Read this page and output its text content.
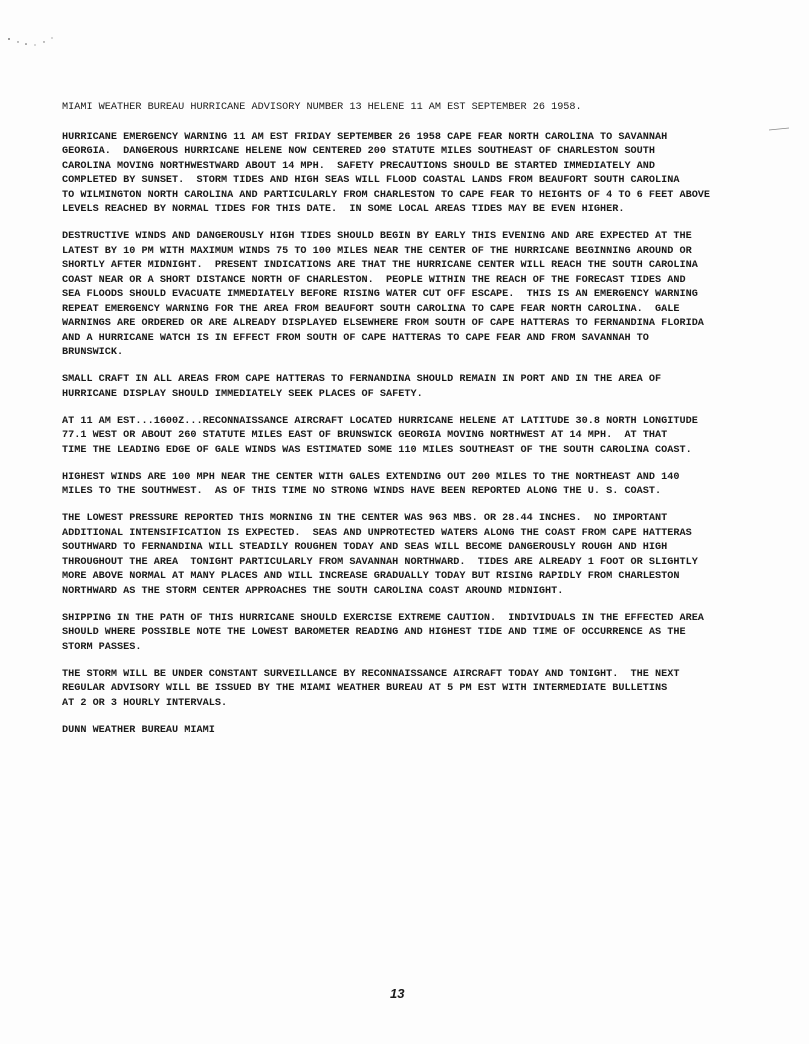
MIAMI WEATHER BUREAU HURRICANE ADVISORY NUMBER 13 HELENE 11 AM EST SEPTEMBER 26 1958.
HURRICANE EMERGENCY WARNING 11 AM EST FRIDAY SEPTEMBER 26 1958 CAPE FEAR NORTH CAROLINA TO SAVANNAH
GEORGIA.  DANGEROUS HURRICANE HELENE NOW CENTERED 200 STATUTE MILES SOUTHEAST OF CHARLESTON SOUTH
CAROLINA MOVING NORTHWESTWARD ABOUT 14 MPH.  SAFETY PRECAUTIONS SHOULD BE STARTED IMMEDIATELY AND
COMPLETED BY SUNSET.  STORM TIDES AND HIGH SEAS WILL FLOOD COASTAL LANDS FROM BEAUFORT SOUTH CAROLINA
TO WILMINGTON NORTH CAROLINA AND PARTICULARLY FROM CHARLESTON TO CAPE FEAR TO HEIGHTS OF 4 TO 6 FEET ABOVE
LEVELS REACHED BY NORMAL TIDES FOR THIS DATE.  IN SOME LOCAL AREAS TIDES MAY BE EVEN HIGHER.
DESTRUCTIVE WINDS AND DANGEROUSLY HIGH TIDES SHOULD BEGIN BY EARLY THIS EVENING AND ARE EXPECTED AT THE
LATEST BY 10 PM WITH MAXIMUM WINDS 75 TO 100 MILES NEAR THE CENTER OF THE HURRICANE BEGINNING AROUND OR
SHORTLY AFTER MIDNIGHT.  PRESENT INDICATIONS ARE THAT THE HURRICANE CENTER WILL REACH THE SOUTH CAROLINA
COAST NEAR OR A SHORT DISTANCE NORTH OF CHARLESTON.  PEOPLE WITHIN THE REACH OF THE FORECAST TIDES AND
SEA FLOODS SHOULD EVACUATE IMMEDIATELY BEFORE RISING WATER CUT OFF ESCAPE.  THIS IS AN EMERGENCY WARNING
REPEAT EMERGENCY WARNING FOR THE AREA FROM BEAUFORT SOUTH CAROLINA TO CAPE FEAR NORTH CAROLINA.  GALE
WARNINGS ARE ORDERED OR ARE ALREADY DISPLAYED ELSEWHERE FROM SOUTH OF CAPE HATTERAS TO FERNANDINA FLORIDA
AND A HURRICANE WATCH IS IN EFFECT FROM SOUTH OF CAPE HATTERAS TO CAPE FEAR AND FROM SAVANNAH TO
BRUNSWICK.
SMALL CRAFT IN ALL AREAS FROM CAPE HATTERAS TO FERNANDINA SHOULD REMAIN IN PORT AND IN THE AREA OF
HURRICANE DISPLAY SHOULD IMMEDIATELY SEEK PLACES OF SAFETY.
AT 11 AM EST...1600Z...RECONNAISSANCE AIRCRAFT LOCATED HURRICANE HELENE AT LATITUDE 30.8 NORTH LONGITUDE
77.1 WEST OR ABOUT 260 STATUTE MILES EAST OF BRUNSWICK GEORGIA MOVING NORTHWEST AT 14 MPH.  AT THAT
TIME THE LEADING EDGE OF GALE WINDS WAS ESTIMATED SOME 110 MILES SOUTHEAST OF THE SOUTH CAROLINA COAST.
HIGHEST WINDS ARE 100 MPH NEAR THE CENTER WITH GALES EXTENDING OUT 200 MILES TO THE NORTHEAST AND 140
MILES TO THE SOUTHWEST.  AS OF THIS TIME NO STRONG WINDS HAVE BEEN REPORTED ALONG THE U. S. COAST.
THE LOWEST PRESSURE REPORTED THIS MORNING IN THE CENTER WAS 963 MBS. OR 28.44 INCHES.  NO IMPORTANT
ADDITIONAL INTENSIFICATION IS EXPECTED.  SEAS AND UNPROTECTED WATERS ALONG THE COAST FROM CAPE HATTERAS
SOUTHWARD TO FERNANDINA WILL STEADILY ROUGHEN TODAY AND SEAS WILL BECOME DANGEROUSLY ROUGH AND HIGH
THROUGHOUT THE AREA  TONIGHT PARTICULARLY FROM SAVANNAH NORTHWARD.  TIDES ARE ALREADY 1 FOOT OR SLIGHTLY
MORE ABOVE NORMAL AT MANY PLACES AND WILL INCREASE GRADUALLY TODAY BUT RISING RAPIDLY FROM CHARLESTON
NORTHWARD AS THE STORM CENTER APPROACHES THE SOUTH CAROLINA COAST AROUND MIDNIGHT.
SHIPPING IN THE PATH OF THIS HURRICANE SHOULD EXERCISE EXTREME CAUTION.  INDIVIDUALS IN THE EFFECTED AREA
SHOULD WHERE POSSIBLE NOTE THE LOWEST BAROMETER READING AND HIGHEST TIDE AND TIME OF OCCURRENCE AS THE
STORM PASSES.
THE STORM WILL BE UNDER CONSTANT SURVEILLANCE BY RECONNAISSANCE AIRCRAFT TODAY AND TONIGHT.  THE NEXT
REGULAR ADVISORY WILL BE ISSUED BY THE MIAMI WEATHER BUREAU AT 5 PM EST WITH INTERMEDIATE BULLETINS
AT 2 OR 3 HOURLY INTERVALS.
DUNN WEATHER BUREAU MIAMI
13
